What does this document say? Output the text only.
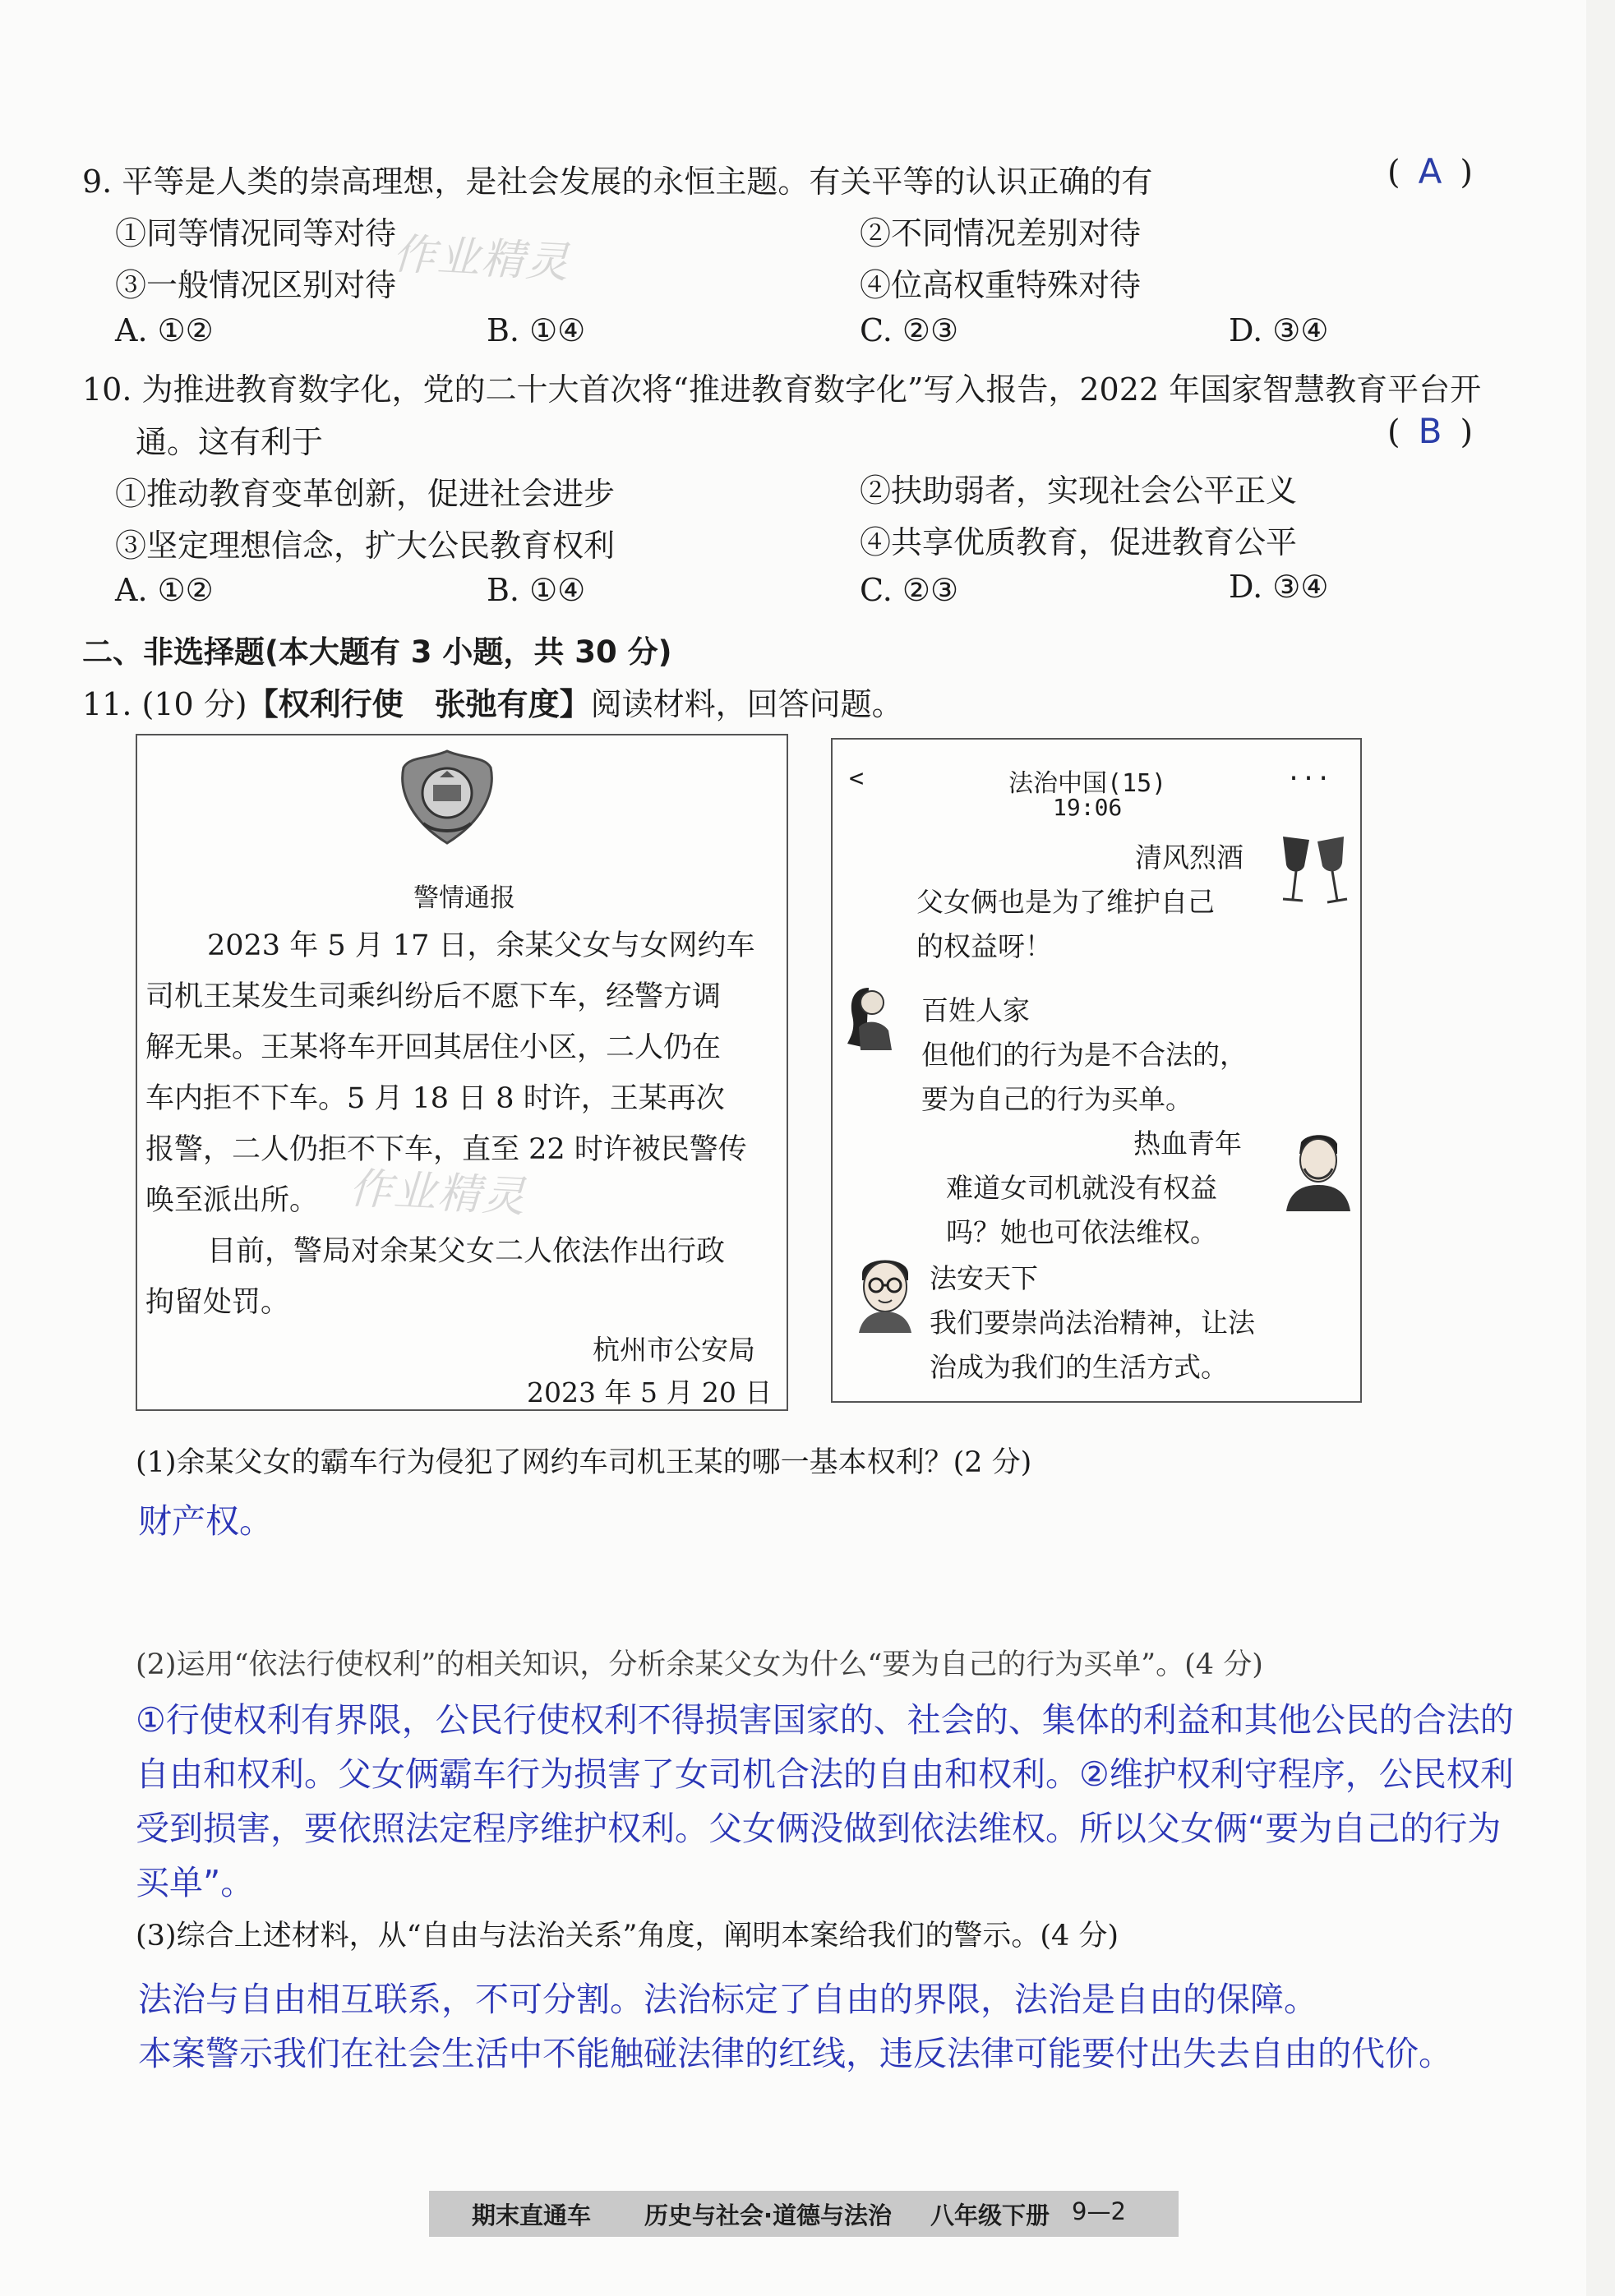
9. 平等是人类的崇高理想，是社会发展的永恒主题。有关平等的认识正确的有	( A )
①同等情况同等对待	②不同情况差别对待
③一般情况区别对待	④位高权重特殊对待
A. ①②	B. ①④	C. ②③	D. ③④
作业精灵
10. 为推进教育数字化，党的二十大首次将“推进教育数字化”写入报告，2022 年国家智慧教育平台开
通。这有利于	( B )
①推动教育变革创新，促进社会进步	②扶助弱者，实现社会公平正义
③坚定理想信念，扩大公民教育权利	④共享优质教育，促进教育公平
A. ①②	B. ①④	C. ②③	D. ③④
二、非选择题(本大题有 3 小题，共 30 分)
11. (10 分)【权利行使　张弛有度】阅读材料，回答问题。
警情通报
2023 年 5 月 17 日，余某父女与女网约车
司机王某发生司乘纠纷后不愿下车，经警方调
解无果。王某将车开回其居住小区，二人仍在
车内拒不下车。5 月 18 日 8 时许，王某再次
报警，二人仍拒不下车，直至 22 时许被民警传
唤至派出所。
目前，警局对余某父女二人依法作出行政
拘留处罚。
杭州市公安局
2023 年 5 月 20 日
作业精灵
<	法治中国(15)
19:06
...
清风烈酒
父女俩也是为了维护自己
的权益呀！
百姓人家
但他们的行为是不合法的，
要为自己的行为买单。
热血青年
难道女司机就没有权益
吗？她也可依法维权。
法安天下
我们要崇尚法治精神，让法
治成为我们的生活方式。
(1)余某父女的霸车行为侵犯了网约车司机王某的哪一基本权利？(2 分)
财产权。
(2)运用“依法行使权利”的相关知识，分析余某父女为什么“要为自己的行为买单”。(4 分)
①行使权利有界限，公民行使权利不得损害国家的、社会的、集体的利益和其他公民的合法的自由和权利。父女俩霸车行为损害了女司机合法的自由和权利。②维护权利守程序，公民权利受到损害，要依照法定程序维护权利。父女俩没做到依法维权。所以父女俩“要为自己的行为买单”。
(3)综合上述材料，从“自由与法治关系”角度，阐明本案给我们的警示。(4 分)
法治与自由相互联系，不可分割。法治标定了自由的界限，法治是自由的保障。
本案警示我们在社会生活中不能触碰法律的红线，违反法律可能要付出失去自由的代价。
期末直通车 历史与社会·道德与法治 八年级下册 9—2
